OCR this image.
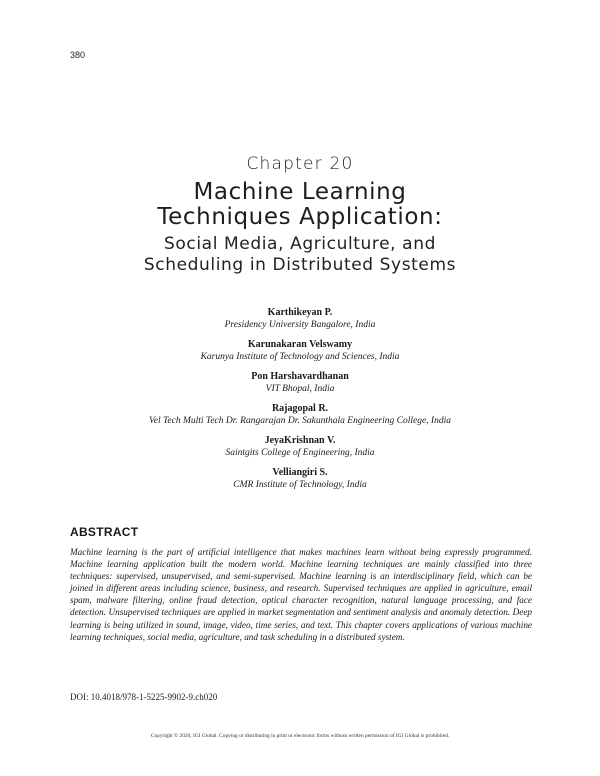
380
Chapter 20
Machine Learning
Techniques Application:
Social Media, Agriculture, and
Scheduling in Distributed Systems
Karthikeyan P.
Presidency University Bangalore, India
Karunakaran Velswamy
Karunya Institute of Technology and Sciences, India
Pon Harshavardhanan
VIT Bhopal, India
Rajagopal R.
Vel Tech Multi Tech Dr. Rangarajan Dr. Sakunthala Engineering College, India
JeyaKrishnan V.
Saintgits College of Engineering, India
Velliangiri S.
CMR Institute of Technology, India
ABSTRACT
Machine learning is the part of artificial intelligence that makes machines learn without being expressly programmed. Machine learning application built the modern world. Machine learning techniques are mainly classified into three techniques: supervised, unsupervised, and semi-supervised. Machine learning is an interdisciplinary field, which can be joined in different areas including science, business, and research. Supervised techniques are applied in agriculture, email spam, malware filtering, online fraud detection, optical character recognition, natural language processing, and face detection. Unsupervised techniques are applied in market segmentation and sentiment analysis and anomaly detection. Deep learning is being utilized in sound, image, video, time series, and text. This chapter covers applications of various machine learning techniques, social media, agriculture, and task scheduling in a distributed system.
DOI: 10.4018/978-1-5225-9902-9.ch020
Copyright © 2020, IGI Global. Copying or distributing in print or electronic forms without written permission of IGI Global is prohibited.
